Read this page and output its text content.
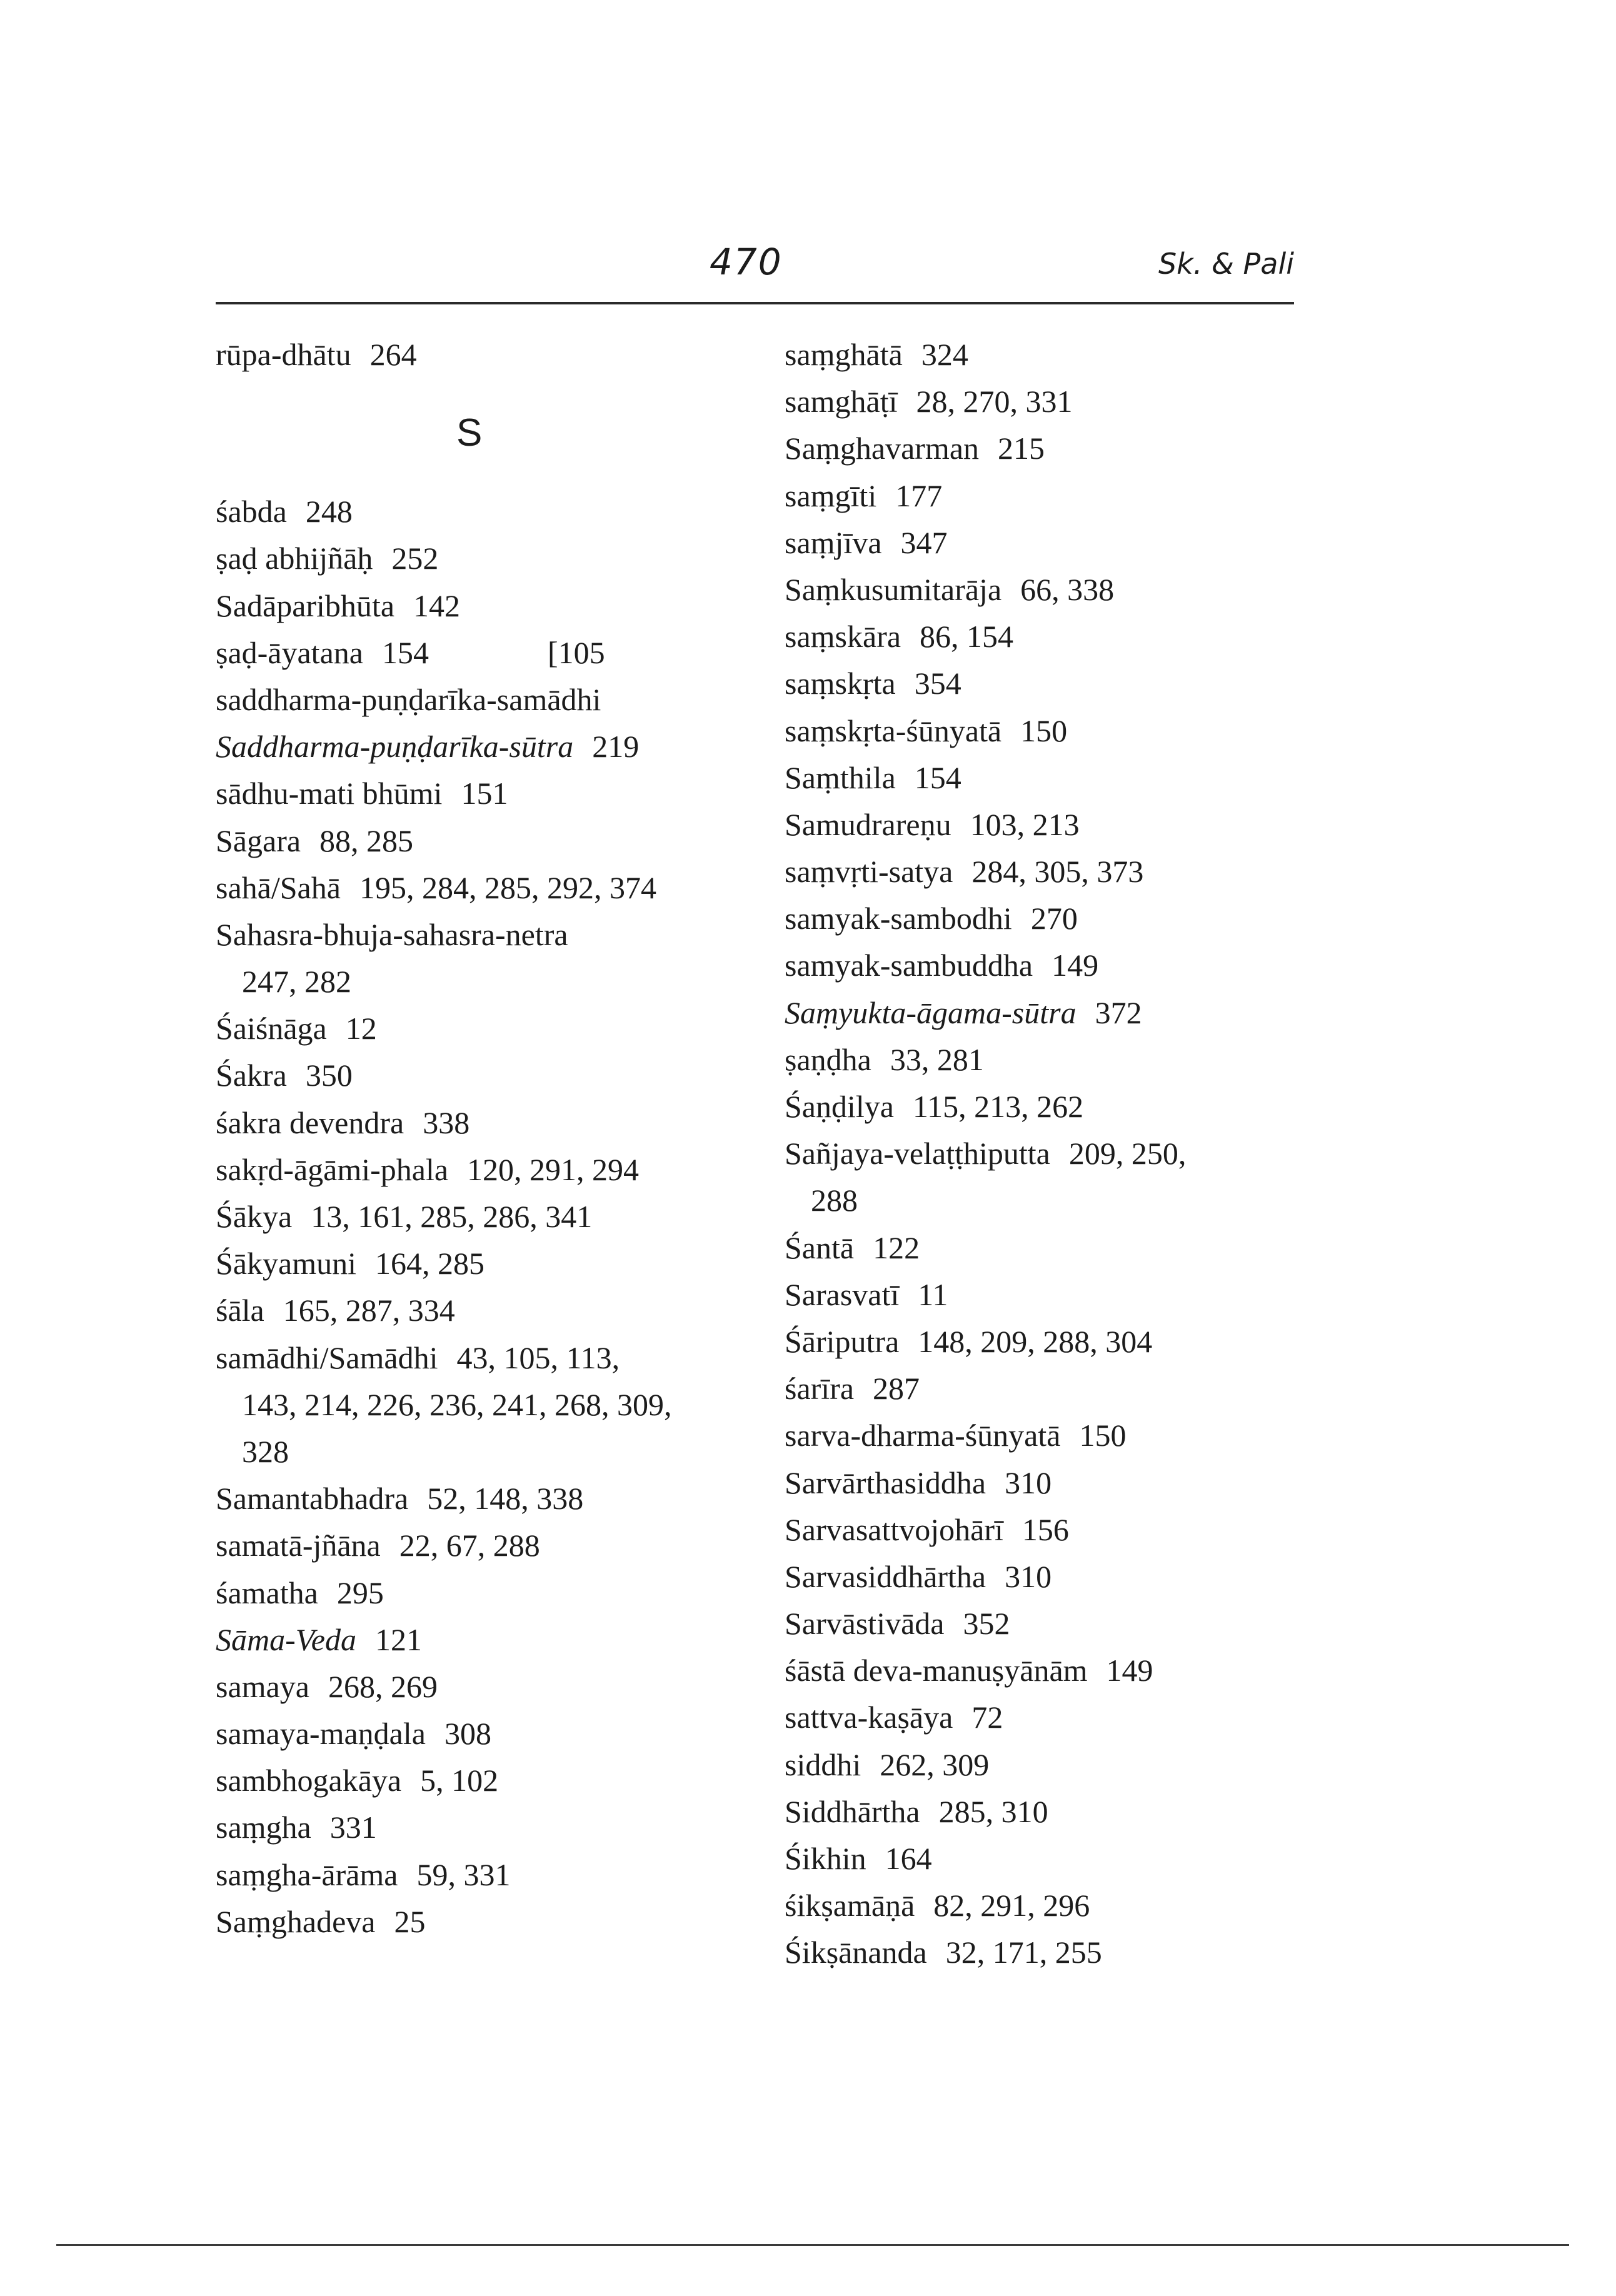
470	Sk. & Pali
rūpa-dhātu 264
S
śabda 248
ṣaḍ abhijñāḥ 252
Sadāparibhūta 142
ṣaḍ-āyatana 154	[105
saddharma-puṇḍarīka-samādhi
Saddharma-puṇḍarīka-sūtra 219
sādhu-mati bhūmi 151
Sāgara 88, 285
sahā/Sahā 195, 284, 285, 292, 374
Sahasra-bhuja-sahasra-netra
247, 282
Śaiśnāga 12
Śakra 350
śakra devendra 338
sakṛd-āgāmi-phala 120, 291, 294
Śākya 13, 161, 285, 286, 341
Śākyamuni 164, 285
śāla 165, 287, 334
samādhi/Samādhi 43, 105, 113,
143, 214, 226, 236, 241, 268, 309,
328
Samantabhadra 52, 148, 338
samatā-jñāna 22, 67, 288
śamatha 295
Sāma-Veda 121
samaya 268, 269
samaya-maṇḍala 308
sambhogakāya 5, 102
saṃgha 331
saṃgha-ārāma 59, 331
Saṃghadeva 25
saṃghātā 324
samghāṭī 28, 270, 331
Saṃghavarman 215
saṃgīti 177
saṃjīva 347
Saṃkusumitarāja 66, 338
saṃskāra 86, 154
saṃskṛta 354
saṃskṛta-śūnyatā 150
Saṃthila 154
Samudrareṇu 103, 213
saṃvṛti-satya 284, 305, 373
samyak-sambodhi 270
samyak-sambuddha 149
Saṃyukta-āgama-sūtra 372
ṣaṇḍha 33, 281
Śaṇḍilya 115, 213, 262
Sañjaya-velaṭṭhiputta 209, 250,
288
Śantā 122
Sarasvatī 11
Śāriputra 148, 209, 288, 304
śarīra 287
sarva-dharma-śūnyatā 150
Sarvārthasiddha 310
Sarvasattvojohārī 156
Sarvasiddhārtha 310
Sarvāstivāda 352
śāstā deva-manuṣyānām 149
sattva-kaṣāya 72
siddhi 262, 309
Siddhārtha 285, 310
Śikhin 164
śikṣamāṇā 82, 291, 296
Śikṣānanda 32, 171, 255
